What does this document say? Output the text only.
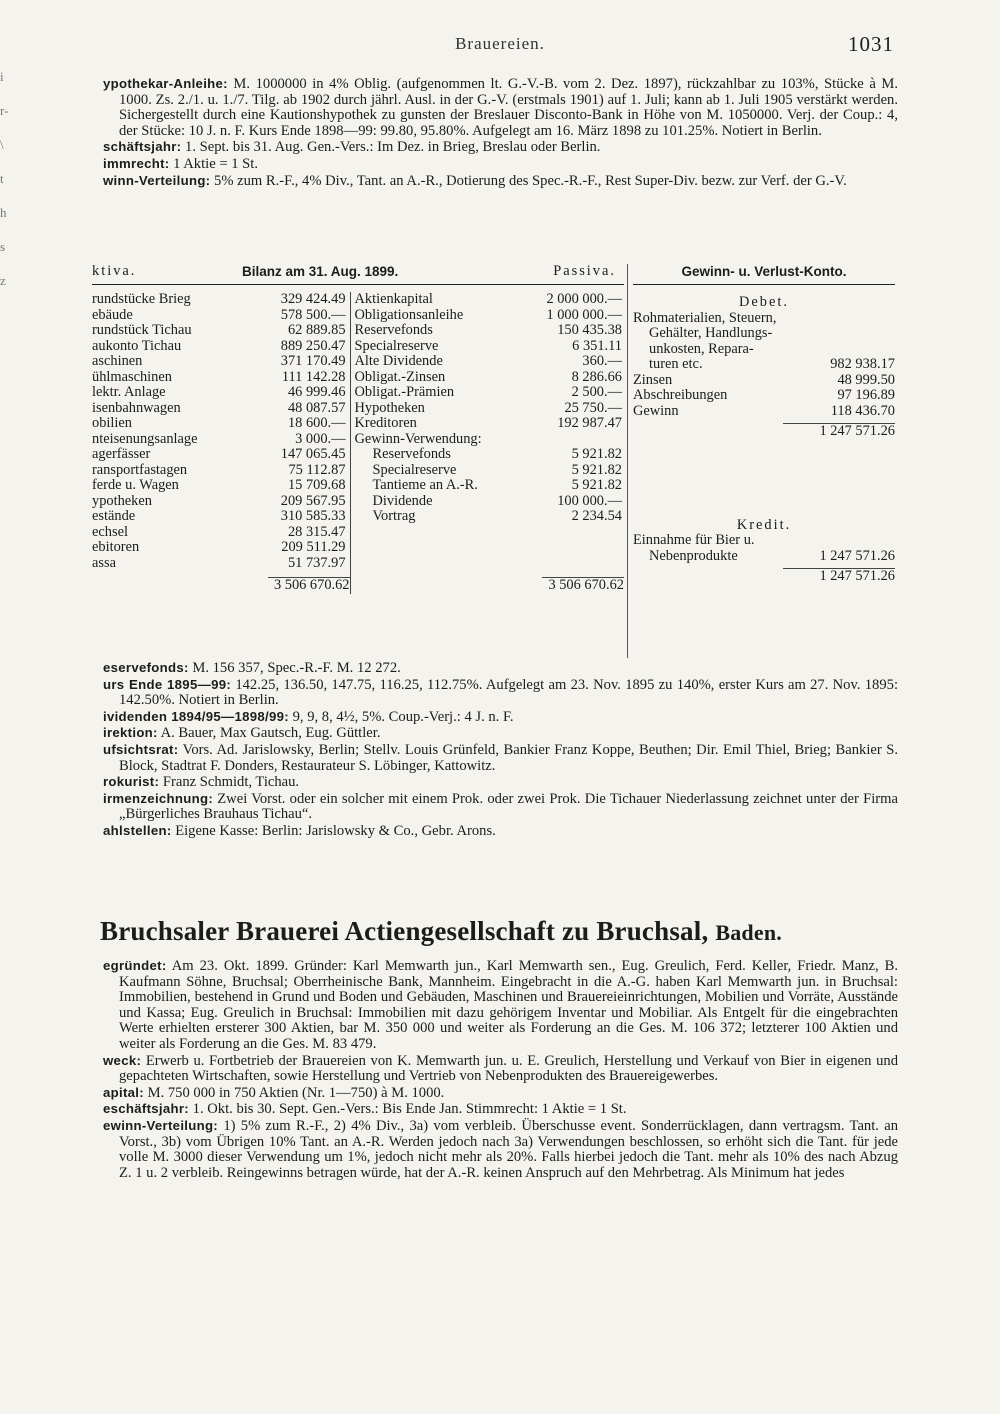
i
r-
\
t
h
s
z
Brauereien.	1031

ypothekar-Anleihe: M. 1000000 in 4% Oblig. (aufgenommen lt. G.-V.-B. vom 2. Dez. 1897), rückzahlbar zu 103%, Stücke à M. 1000. Zs. 2./1. u. 1./7. Tilg. ab 1902 durch jährl. Ausl. in der G.-V. (erstmals 1901) auf 1. Juli; kann ab 1. Juli 1905 verstärkt werden. Sichergestellt durch eine Kautionshypothek zu gunsten der Breslauer Disconto-Bank in Höhe von M. 1050000. Verj. der Coup.: 4, der Stücke: 10 J. n. F. Kurs Ende 1898—99: 99.80, 95.80%. Aufgelegt am 16. März 1898 zu 101.25%. Notiert in Berlin.

schäftsjahr: 1. Sept. bis 31. Aug. Gen.-Vers.: Im Dez. in Brieg, Breslau oder Berlin.

immrecht: 1 Aktie = 1 St.

winn-Verteilung: 5% zum R.-F., 4% Div., Tant. an A.-R., Dotierung des Spec.-R.-F., Rest Super-Div. bezw. zur Verf. der G.-V.

ktiva.	Bilanz am 31. Aug. 1899.	Passiva.
rundstücke Brieg	329 424.49
ebäude	578 500.—
rundstück Tichau	62 889.85
aukonto Tichau	889 250.47
aschinen	371 170.49
ühlmaschinen	111 142.28
lektr. Anlage	46 999.46
isenbahnwagen	48 087.57
obilien	18 600.—
nteisenungsanlage	3 000.—
agerfässer	147 065.45
ransportfastagen	75 112.87
ferde u. Wagen	15 709.68
ypotheken	209 567.95
estände	310 585.33
echsel	28 315.47
ebitoren	209 511.29
assa	51 737.97
3 506 670.62
Aktienkapital	2 000 000.—
Obligationsanleihe	1 000 000.—
Reservefonds	150 435.38
Specialreserve	6 351.11
Alte Dividende	360.—
Obligat.-Zinsen	8 286.66
Obligat.-Prämien	2 500.—
Hypotheken	25 750.—
Kreditoren	192 987.47
Gewinn-Verwendung:
Reservefonds	5 921.82
Specialreserve	5 921.82
Tantieme an A.-R.	5 921.82
Dividende	100 000.—
Vortrag	2 234.54
3 506 670.62
Gewinn- u. Verlust-Konto.
Debet.
Rohmaterialien, Steuern,
Gehälter, Handlungs-
unkosten, Repara-
turen etc.	982 938.17
Zinsen	48 999.50
Abschreibungen	97 196.89
Gewinn	118 436.70
1 247 571.26
Kredit.
Einnahme für Bier u.
Nebenprodukte	1 247 571.26
1 247 571.26

eservefonds: M. 156 357, Spec.-R.-F. M. 12 272.

urs Ende 1895—99: 142.25, 136.50, 147.75, 116.25, 112.75%. Aufgelegt am 23. Nov. 1895 zu 140%, erster Kurs am 27. Nov. 1895: 142.50%. Notiert in Berlin.

ividenden 1894/95—1898/99: 9, 9, 8, 4½, 5%. Coup.-Verj.: 4 J. n. F.

irektion: A. Bauer, Max Gautsch, Eug. Güttler.

ufsichtsrat: Vors. Ad. Jarislowsky, Berlin; Stellv. Louis Grünfeld, Bankier Franz Koppe, Beuthen; Dir. Emil Thiel, Brieg; Bankier S. Block, Stadtrat F. Donders, Restaurateur S. Löbinger, Kattowitz.

rokurist: Franz Schmidt, Tichau.

irmenzeichnung: Zwei Vorst. oder ein solcher mit einem Prok. oder zwei Prok. Die Tichauer Niederlassung zeichnet unter der Firma „Bürgerliches Brauhaus Tichau“.

ahlstellen: Eigene Kasse: Berlin: Jarislowsky & Co., Gebr. Arons.

Bruchsaler Brauerei Actiengesellschaft zu Bruchsal, Baden.

egründet: Am 23. Okt. 1899. Gründer: Karl Memwarth jun., Karl Memwarth sen., Eug. Greulich, Ferd. Keller, Friedr. Manz, B. Kaufmann Söhne, Bruchsal; Oberrheinische Bank, Mannheim. Eingebracht in die A.-G. haben Karl Memwarth jun. in Bruchsal: Immobilien, bestehend in Grund und Boden und Gebäuden, Maschinen und Brauereieinrichtungen, Mobilien und Vorräte, Ausstände und Kassa; Eug. Greulich in Bruchsal: Immobilien mit dazu gehörigem Inventar und Mobiliar. Als Entgelt für die eingebrachten Werte erhielten ersterer 300 Aktien, bar M. 350 000 und weiter als Forderung an die Ges. M. 106 372; letzterer 100 Aktien und weiter als Forderung an die Ges. M. 83 479.

weck: Erwerb u. Fortbetrieb der Brauereien von K. Memwarth jun. u. E. Greulich, Herstellung und Verkauf von Bier in eigenen und gepachteten Wirtschaften, sowie Herstellung und Vertrieb von Nebenprodukten des Brauereigewerbes.

apital: M. 750 000 in 750 Aktien (Nr. 1—750) à M. 1000.

eschäftsjahr: 1. Okt. bis 30. Sept. Gen.-Vers.: Bis Ende Jan. Stimmrecht: 1 Aktie = 1 St.

ewinn-Verteilung: 1) 5% zum R.-F., 2) 4% Div., 3a) vom verbleib. Überschusse event. Sonderrücklagen, dann vertragsm. Tant. an Vorst., 3b) vom Übrigen 10% Tant. an A.-R. Werden jedoch nach 3a) Verwendungen beschlossen, so erhöht sich die Tant. für jede volle M. 3000 dieser Verwendung um 1%, jedoch nicht mehr als 20%. Falls hierbei jedoch die Tant. mehr als 10% des nach Abzug Z. 1 u. 2 verbleib. Reingewinns betragen würde, hat der A.-R. keinen Anspruch auf den Mehrbetrag. Als Minimum hat jedes
